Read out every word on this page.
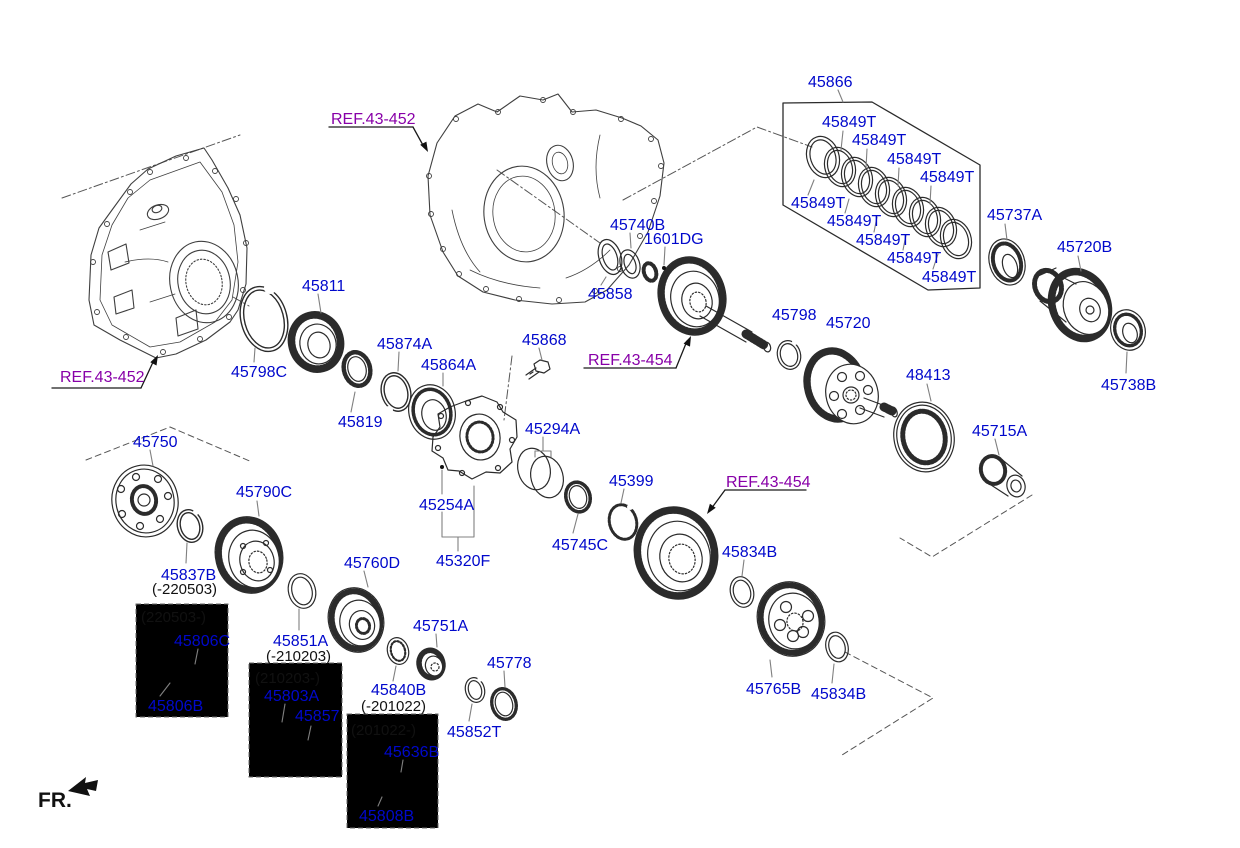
45866
45849T
45849T
45849T
45849T
45849T
45849T
45849T
45849T
45849T
45737A
45720B
45738B
48413
45715A
45740B
1601DG
45858
45811
45798C
45874A
45864A
45819
45868
45798 45720
45294A
45254A
45320F
45745C
45399
45834B
45765B 45834B
45750
45790C
45837B
45806C
45806B
45851A
45803A
45857
45760D
45751A
45840B
45852T
45778
45636B
45808B
REF.43-452
REF.43-452
REF.43-454
REF.43-454
(-220503)
(220503-)
(-210203)
(210203-)
(-201022)
(201022-)
FR.
